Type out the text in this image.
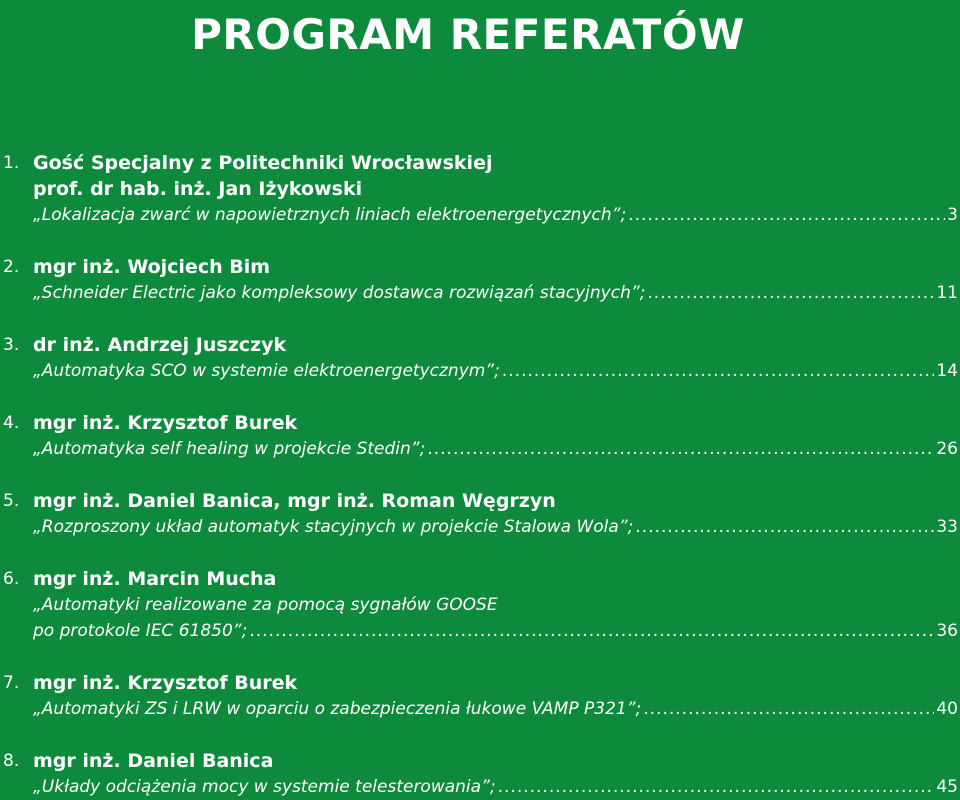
PROGRAM REFERATÓW
1. Gość Specjalny z Politechniki Wrocławskiej
prof. dr hab. inż. Jan Iżykowski
„Lokalizacja zwarć w napowietrznych liniach elektroenergetycznych”; .....	3
2. mgr inż. Wojciech Bim
„Schneider Electric jako kompleksowy dostawca rozwiązań stacyjnych”; .....	11
3. dr inż. Andrzej Juszczyk
„Automatyka SCO w systemie elektroenergetycznym”; .....	14
4. mgr inż. Krzysztof Burek
„Automatyka self healing w projekcie Stedin”; .....	26
5. mgr inż. Daniel Banica, mgr inż. Roman Węgrzyn
„Rozproszony układ automatyk stacyjnych w projekcie Stalowa Wola”; .....	33
6. mgr inż. Marcin Mucha
„Automatyki realizowane za pomocą sygnałów GOOSE
po protokole IEC 61850”; .....	36
7. mgr inż. Krzysztof Burek
„Automatyki ZS i LRW w oparciu o zabezpieczenia łukowe VAMP P321”; .....	40
8. mgr inż. Daniel Banica
„Układy odciążenia mocy w systemie telesterowania”; .....	45
